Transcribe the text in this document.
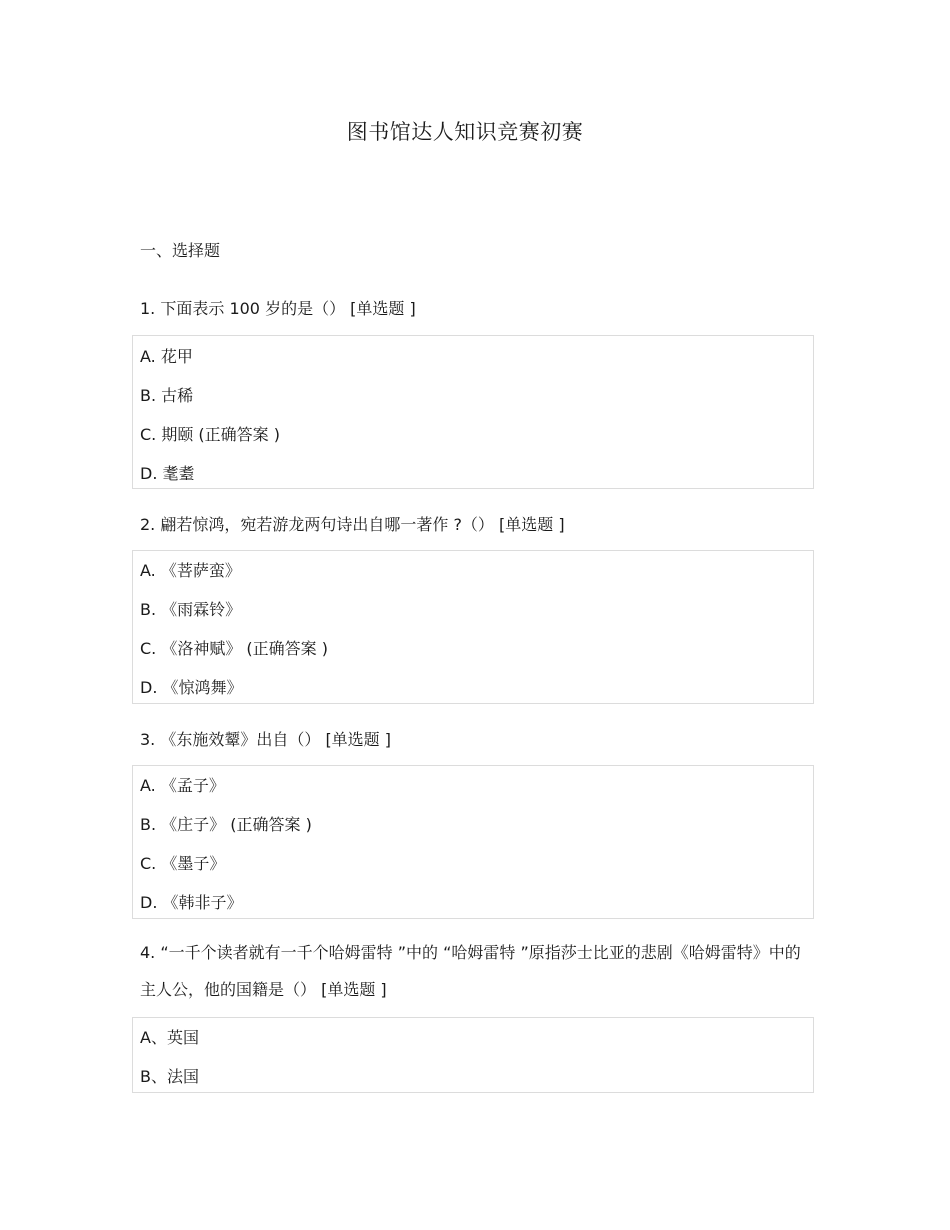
图书馆达人知识竞赛初赛
一、选择题
1. 下面表示 100 岁的是（） [单选题 ]
A. 花甲
B. 古稀
C. 期颐 (正确答案 )
D. 耄耋
2. 翩若惊鸿，宛若游龙两句诗出自哪一著作 ?（） [单选题 ]
A. 《菩萨蛮》
B. 《雨霖铃》
C. 《洛神赋》 (正确答案 )
D. 《惊鸿舞》
3. 《东施效颦》出自（） [单选题 ]
A. 《孟子》
B. 《庄子》 (正确答案 )
C. 《墨子》
D. 《韩非子》
4. “一千个读者就有一千个哈姆雷特 ”中的 “哈姆雷特 ”原指莎士比亚的悲剧《哈姆雷特》中的主人公，他的国籍是（） [单选题 ]
A、英国
B、法国
